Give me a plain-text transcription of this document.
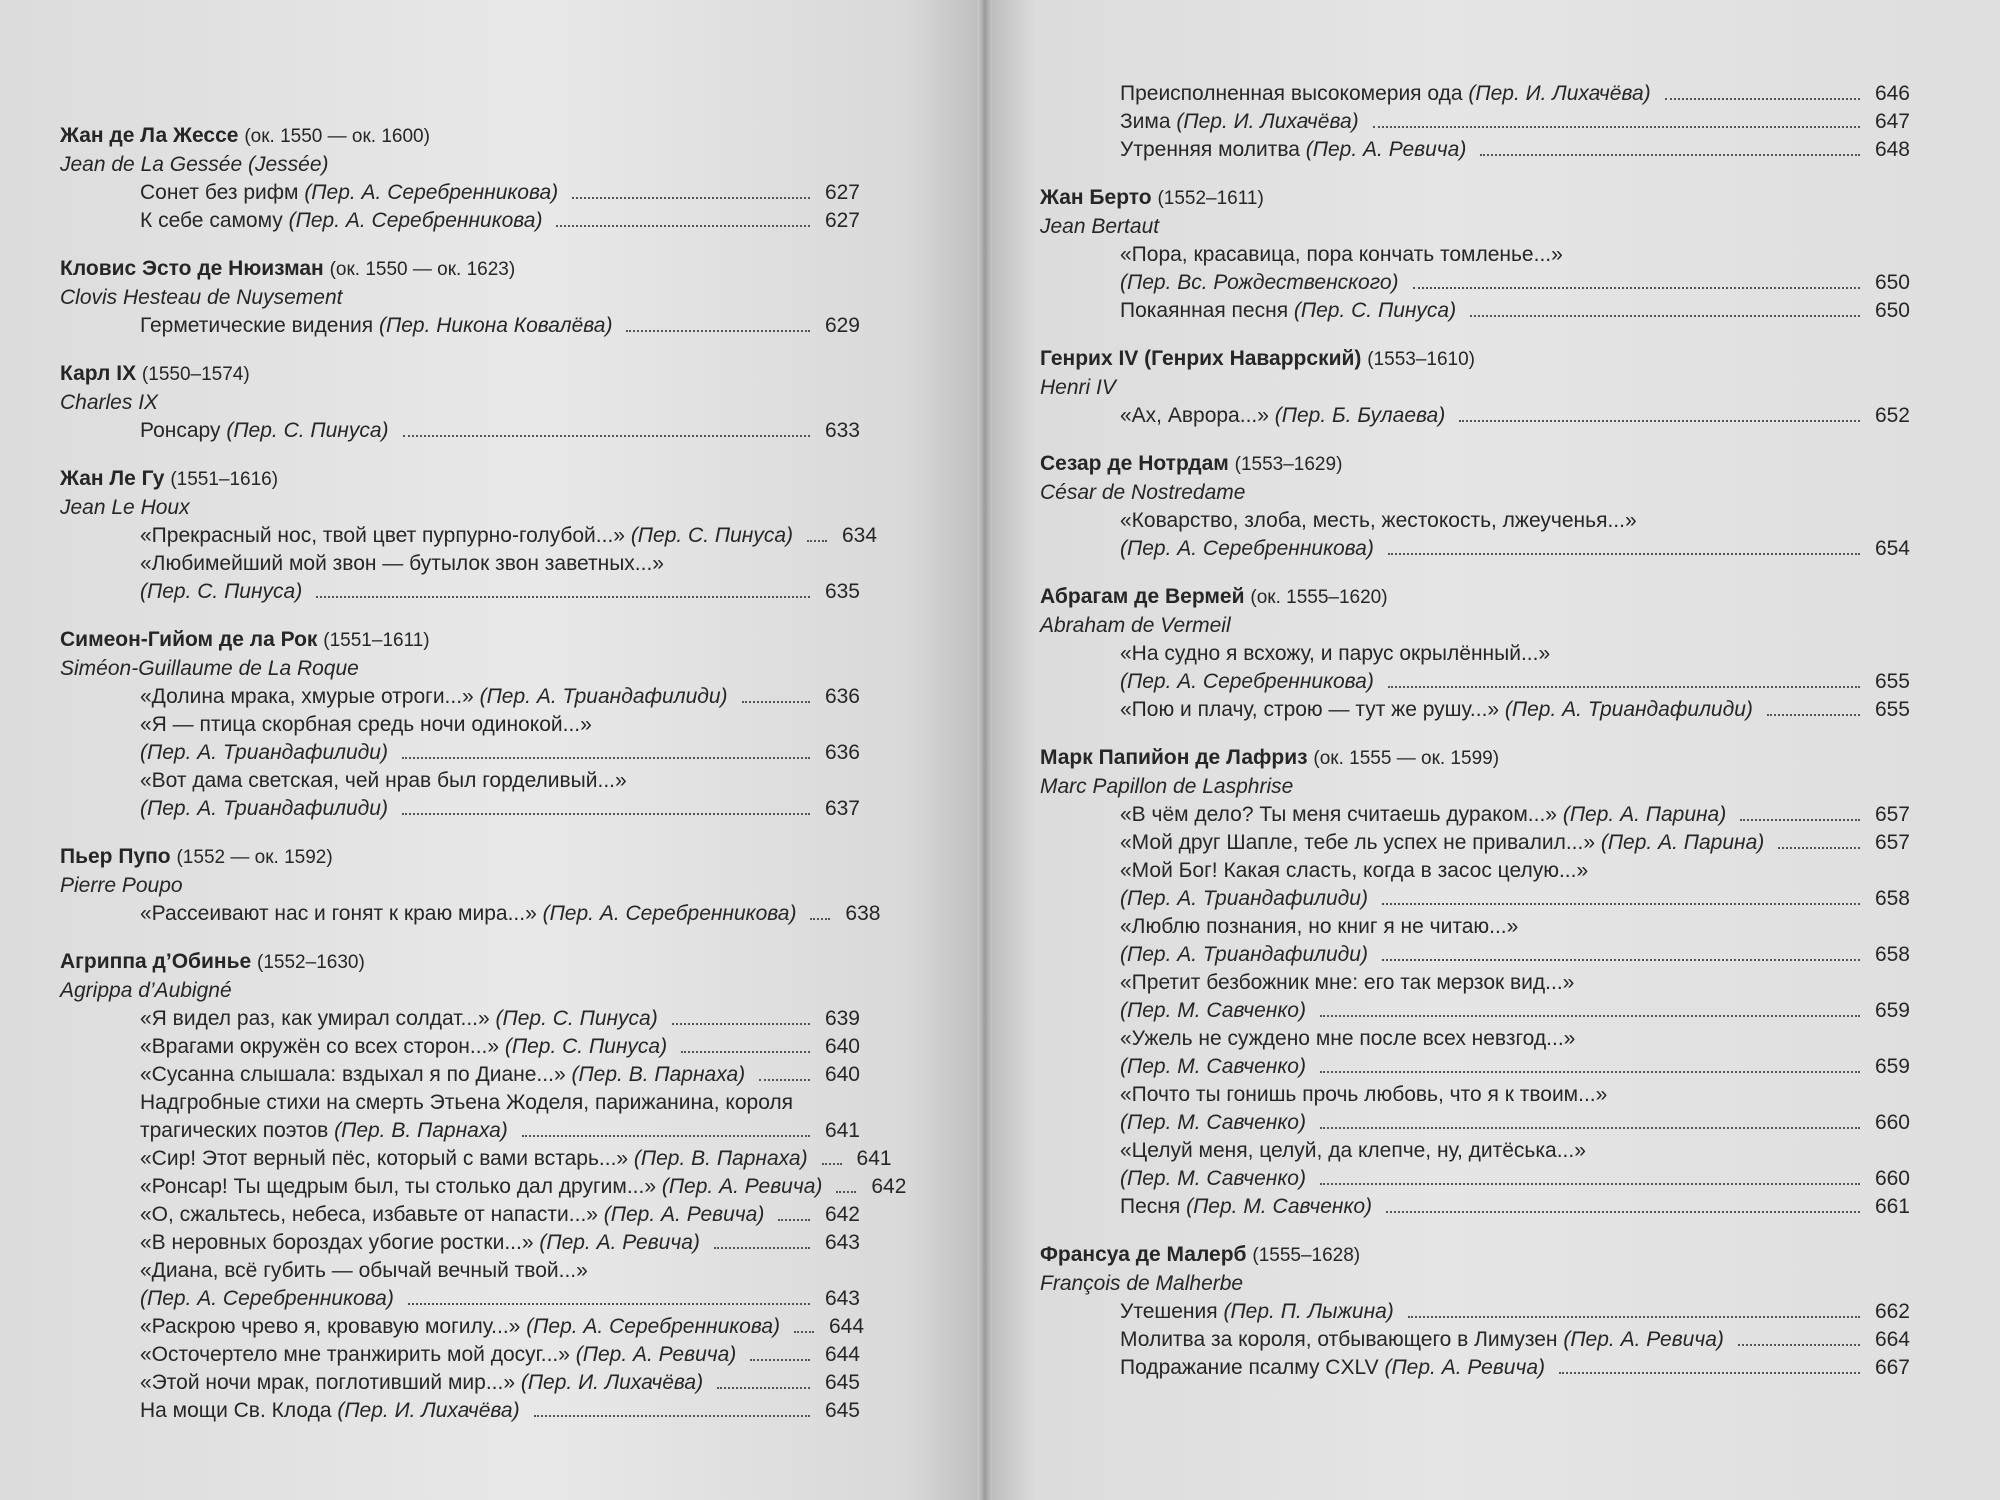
Жан де Ла Жессе (ок. 1550 — ок. 1600)
Jean de La Gessée (Jessée)
Сонет без рифм (Пер. А. Серебренникова)	627
К себе самому (Пер. А. Серебренникова)	627
Кловис Эсто де Нюизман (ок. 1550 — ок. 1623)
Clovis Hesteau de Nuysement
Герметические видения (Пер. Никона Ковалёва)	629
Карл IX (1550–1574)
Charles IX
Ронсару (Пер. С. Пинуса)	633
Жан Ле Гу (1551–1616)
Jean Le Houx
«Прекрасный нос, твой цвет пурпурно-голубой...» (Пер. С. Пинуса) 634
«Любимейший мой звон — бутылок звон заветных...»
(Пер. С. Пинуса)	635
Симеон-Гийом де ла Рок (1551–1611)
Siméon-Guillaume de La Roque
«Долина мрака, хмурые отроги...» (Пер. А. Триандафилиди)	636
«Я — птица скорбная средь ночи одинокой...»
(Пер. А. Триандафилиди)	636
«Вот дама светская, чей нрав был горделивый...»
(Пер. А. Триандафилиди)	637
Пьер Пупо (1552 — ок. 1592)
Pierre Poupo
«Рассеивают нас и гонят к краю мира...» (Пер. А. Серебренникова) 638
Агриппа д’Обинье (1552–1630)
Agrippa d’Aubigné
«Я видел раз, как умирал солдат...» (Пер. С. Пинуса)	639
«Врагами окружён со всех сторон...» (Пер. С. Пинуса)	640
«Сусанна слышала: вздыхал я по Диане...» (Пер. В. Парнаха)	640
Надгробные стихи на смерть Этьена Жоделя, парижанина, короля
трагических поэтов (Пер. В. Парнаха)	641
«Сир! Этот верный пёс, который с вами встарь...» (Пер. В. Парнаха) 641
«Ронсар! Ты щедрым был, ты столько дал другим...» (Пер. А. Ревича) 642
«О, сжальтесь, небеса, избавьте от напасти...» (Пер. А. Ревича)	642
«В неровных бороздах убогие ростки...» (Пер. А. Ревича)	643
«Диана, всё губить — обычай вечный твой...»
(Пер. А. Серебренникова)	643
«Раскрою чрево я, кровавую могилу...» (Пер. А. Серебренникова) 644
«Осточертело мне транжирить мой досуг...» (Пер. А. Ревича)	644
«Этой ночи мрак, поглотивший мир...» (Пер. И. Лихачёва)	645
На мощи Св. Клода (Пер. И. Лихачёва)	645
Преисполненная высокомерия ода (Пер. И. Лихачёва)	646
Зима (Пер. И. Лихачёва)	647
Утренняя молитва (Пер. А. Ревича)	648
Жан Берто (1552–1611)
Jean Bertaut
«Пора, красавица, пора кончать томленье...»
(Пер. Вс. Рождественского)	650
Покаянная песня (Пер. С. Пинуса)	650
Генрих IV (Генрих Наваррский) (1553–1610)
Henri IV
«Ах, Аврора...» (Пер. Б. Булаева)	652
Сезар де Нотрдам (1553–1629)
César de Nostredame
«Коварство, злоба, месть, жестокость, лжеученья...»
(Пер. А. Серебренникова)	654
Абрагам де Вермей (ок. 1555–1620)
Abraham de Vermeil
«На судно я всхожу, и парус окрылённый...»
(Пер. А. Серебренникова)	655
«Пою и плачу, строю — тут же рушу...» (Пер. А. Триандафилиди)	655
Марк Папийон де Лафриз (ок. 1555 — ок. 1599)
Marc Papillon de Lasphrise
«В чём дело? Ты меня считаешь дураком...» (Пер. А. Парина)	657
«Мой друг Шапле, тебе ль успех не привалил...» (Пер. А. Парина)	657
«Мой Бог! Какая сласть, когда в засос целую...»
(Пер. А. Триандафилиди)	658
«Люблю познания, но книг я не читаю...»
(Пер. А. Триандафилиди)	658
«Претит безбожник мне: его так мерзок вид...»
(Пер. М. Савченко)	659
«Ужель не суждено мне после всех невзгод...»
(Пер. М. Савченко)	659
«Почто ты гонишь прочь любовь, что я к твоим...»
(Пер. М. Савченко)	660
«Целуй меня, целуй, да клепче, ну, дитёська...»
(Пер. М. Савченко)	660
Песня (Пер. М. Савченко)	661
Франсуа де Малерб (1555–1628)
François de Malherbe
Утешения (Пер. П. Лыжина)	662
Молитва за короля, отбывающего в Лимузен (Пер. А. Ревича)	664
Подражание псалму CXLV (Пер. А. Ревича)	667
